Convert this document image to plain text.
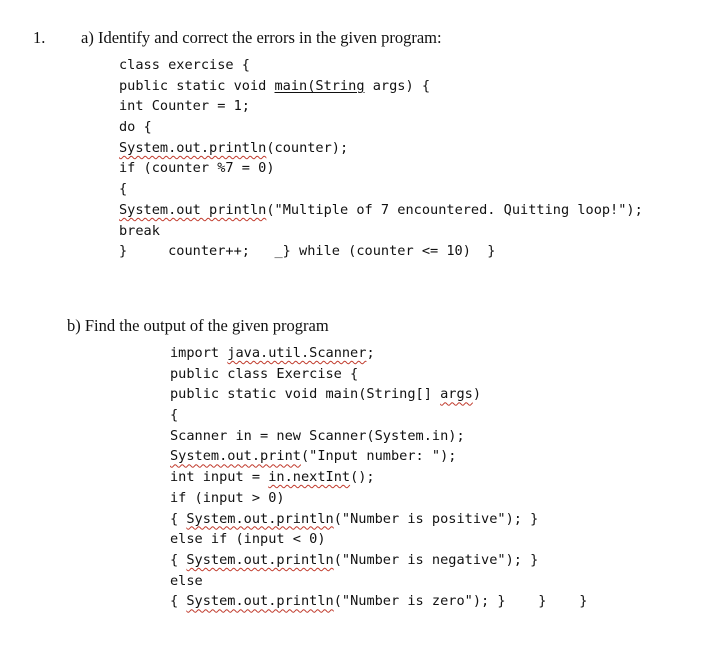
1. a) Identify and correct the errors in the given program:
class exercise {
public static void main(String args) {
int Counter = 1;
do {
System.out.println(counter);
if (counter %7 = 0)
{
System.out println("Multiple of 7 encountered. Quitting loop!");
break
}     counter++;   _} while (counter <= 10)  }
b) Find the output of the given program
import java.util.Scanner;
public class Exercise {
public static void main(String[] args)
{
Scanner in = new Scanner(System.in);
System.out.print("Input number: ");
int input = in.nextInt();
if (input > 0)
{ System.out.println("Number is positive"); }
else if (input < 0)
{ System.out.println("Number is negative"); }
else
{ System.out.println("Number is zero"); }    }    }
